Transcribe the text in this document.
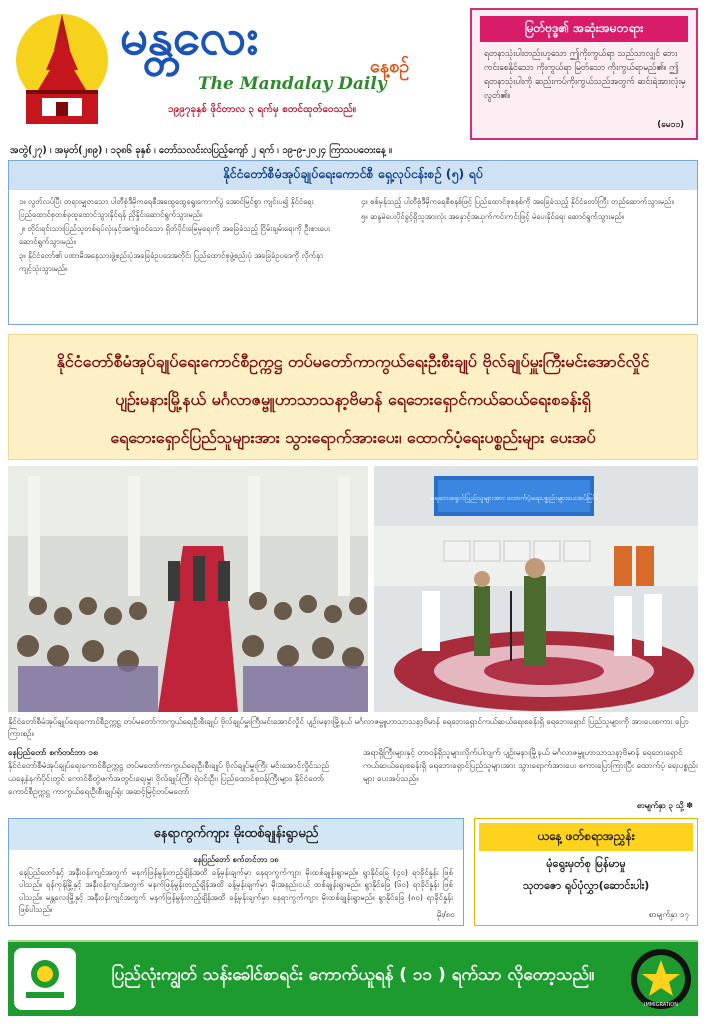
မန္တလေး
နေ့စဉ်
The Mandalay Daily
၁၉၉၇ခုနှစ် ဖိုင်တာလ ၃ ရက်မှ စတင်ထုတ်ဝေသည်။
မြတ်ဗုဒ္ဓ၏ အဆုံးအမတရား
ရတနာသုံးပါးတည်းဟူသော ဤကိုးကွယ်ရာ သည်သာလျှင် ဘေးကင်းစေနိုင်သော ကိုးကွယ်ရာ မြတ်သော ကိုးကွယ်ရာမည်၏။ ဤရတနာသုံးပါးကို ဆည်းကပ်ကိုးကွယ်သည်အတွက် ဆင်းရဲအားလုံးမှ လွတ်၏။
(မေ၁၁)
အတွဲ(၂၇) ၊ အမှတ်(၂၈၉) ၊ ၁၃၈၆ ခုနှစ် ၊ တော်သလင်းလပြည့်ကျော် ၂ ရက် ၊ ၁၉-၉-၂၀၂၄ ကြာသပတေးနေ့ ။
နိုင်ငံတော်စီမံအုပ်ချုပ်ရေးကောင်စီ ရှေ့လုပ်ငန်းစဉ် (၅) ရပ်
၁။ လွတ်လပ်ပြီး တရားမျှတသော ပါတီစုံဒီမိုကရေစီအထွေထွေရွေးကောက်ပွဲ အောင်မြင်စွာ ကျင်းပ၍ နိုင်ငံရေး ပြည်ထောင်စုတစ်ခုထူထောင်သွားနိုင်ရန် ညှိနှိုင်းဆောင်ရွက်သွားမည်။
၂။ တိုင်းရင်းသားပြည်သူတစ်ရပ်လုံးနှင့်အကျုံးဝင်သော ရှိတ်ပိုင်းမြေမှုရေးကို အခြေခံသည့် ငြိမ်းချမ်းရေးကို ဦးစားပေး ဆောင်ရွက်သွားမည်။
၃။ နိုင်ငံတော်၏ ပဏာမိအနေသားဖွဲ့စည်းပုံအခြေခံဥပဒေအတိုင်း ပြည်ထောင်စုဖွဲ့စည်းပုံ အခြေခံဥပဒေကို လိုက်နာ ကျင့်သုံးသွားမည်။
၄။ စစ်မှန်သည့် ပါတီစုံဒီမိုကရေစီစနစ်ဖြင့် ပြည်ထောင်စုစနစ်ကို အခြေခံသည့် နိုင်ငံတော်ကြီး တည်ဆောက်သွားမည်။
၅။ ဆန္ဒမဲပေးပိုင်ခွင့်ရှိသူအားလုံး အနှောင့်အယှက်ကင်းကင်းဖြင့် မဲပေးနိုင်ရေး ဆောင်ရွက်သွားမည်။
နိုင်ငံတော်စီမံအုပ်ချုပ်ရေးကောင်စီဥက္ကဋ္ဌ တပ်မတော်ကာကွယ်ရေးဦးစီးချုပ် ဗိုလ်ချုပ်မှူးကြီးမင်းအောင်လှိုင်
ပျဉ်းမနားမြို့နယ် မင်္ဂလာဇမ္ဗူဟာသာသနာ့ဗိမာန် ရေဘေးရှောင်ကယ်ဆယ်ရေးစခန်းရှိ
ရေဘေးရှောင်ပြည်သူများအား သွားရောက်အားပေး၊ ထောက်ပံ့ရေးပစ္စည်းများ ပေးအပ်
ရေဘေးရှောင်ပြည်သူများအား ထောက်ပံ့ရေးပစ္စည်းများပေးအပ်ခြင်း
နိုင်ငံတော်စီမံအုပ်ချုပ်ရေးကောင်စီဥက္ကဋ္ဌ တပ်မတော်ကာကွယ်ရေးဦးစီးချုပ် ဗိုလ်ချုပ်မှူးကြီးမင်းအောင်လှိုင် ပျဉ်းမနားမြို့နယ် မင်္ဂလာဇမ္ဗူဟာသာသနာ့ဗိမာန် ရေဘေးရှောင်ကယ်ဆယ်ရေးစခန်းရှိ ရေဘေးရှောင် ပြည်သူများကို အားပေးစကား ပြောကြားစဉ်။
နေပြည်တော် စက်တင်ဘာ ၁၈
နိုင်ငံတော်စီမံအုပ်ချုပ်ရေးကောင်စီဥက္ကဋ္ဌ တပ်မတော်ကာကွယ်ရေးဦးစီးချုပ် ဗိုလ်ချုပ်မှူးကြီး မင်းအောင်လှိုင်သည် ယနေ့နံနက်ပိုင်းတွင် ကောင်စီတွဲဖက်အတွင်းရေးမှူး ဗိုလ်ချုပ်ကြီး ရဲဝင်းဦး၊ ပြည်ထောင်စုဝန်ကြီးများ၊ နိုင်ငံတော်ကောင်စီဥက္ကဋ္ဌ ကာကွယ်ရေးဦးစီးချုပ်ရုံး အဆင့်မြင့်တပ်မတော်
အရာရှိကြီးများနှင့် တာဝန်ရှိသူများလိုက်ပါလျက် ပျဉ်းမနားမြို့နယ် မင်္ဂလာဇမ္ဗူဟာသာသနာ့ဗိမာန် ရေဘေးရှောင် ကယ်ဆယ်ရေးစခန်းရှိ ရေဘေးရှောင်ပြည်သူများအား သွားရောက်အားပေး စကားပြောကြားပြီး ထောက်ပံ့ ရေးပစ္စည်းများ ပေးအပ်သည်။
စာမျက်နှာ ၃ သို့ ✽
နေရာကွက်ကျား မိုးထစ်ချုန်းရွာမည်
နေပြည်တော် စက်တင်ဘာ ၁၈
နေပြည်တော်နှင့် အနီးဝန်းကျင်အတွက် မနက်ဖြန်မွန်းတည့်ချိန်အထိ ခန့်မှန်းချက်မှာ နေရာကွက်ကျား မိုးထစ်ချုန်းရွာမည်။ ရွာနိုင်ခြေ (၄၀) ရာခိုင်နှုန်း ဖြစ်ပါသည်။ ရန်ကုန်မြို့နှင့် အနီးဝန်းကျင်အတွက် မနက်ဖြန်မွန်းတည့်ချိန်အထိ ခန့်မှန်းချက်မှာ မိုးအနည်းငယ် ထစ်ချုန်းရွာမည်။ ရွာနိုင်ခြေ (၆၀) ရာခိုင်နှုန်း ဖြစ်ပါသည်။ မန္တလေးမြို့နှင့် အနီးဝန်းကျင်အတွက် မနက်ဖြန်မွန်းတည့်ချိန်အထိ ခန့်မှန်းချက်မှာ နေရာကွက်ကျား မိုးထစ်ချုန်းရွာမည်။ ရွာနိုင်ခြေ (၈၀) ရာခိုင်နှုန်း ဖြစ်ပါသည်။
မိုး/၈၀
ယနေ့ ဖတ်စရာအညွှန်း
မုံရွေးမှတ်စု မြန်မာမှု
သုတဇော ရုပ်ပုံလွှာ(ဆောင်းပါး)
စာမျက်နှာ ၁၇
ပြည်လုံးကျွတ် သန်းခေါင်စာရင်း ကောက်ယူရန် ( ၁၁ ) ရက်သာ လိုတော့သည်။
IMMIGRATION
